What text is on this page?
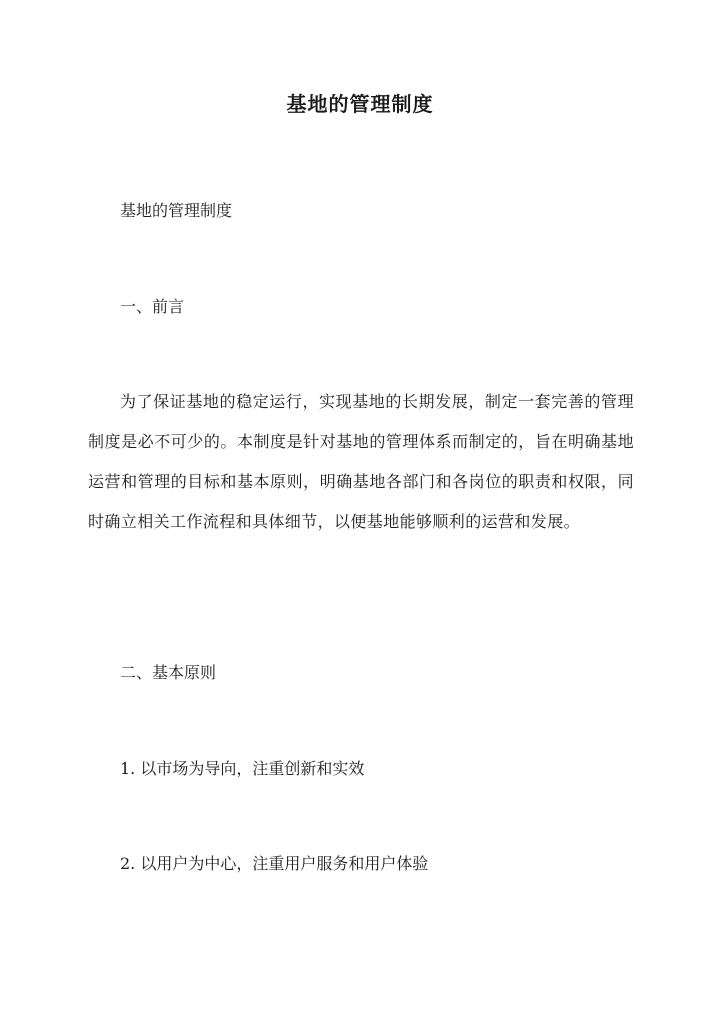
基地的管理制度
基地的管理制度
一、前言
为了保证基地的稳定运行，实现基地的长期发展，制定一套完善的管理制度是必不可少的。本制度是针对基地的管理体系而制定的，旨在明确基地运营和管理的目标和基本原则，明确基地各部门和各岗位的职责和权限，同时确立相关工作流程和具体细节，以便基地能够顺利的运营和发展。
二、基本原则
1. 以市场为导向，注重创新和实效
2. 以用户为中心，注重用户服务和用户体验
